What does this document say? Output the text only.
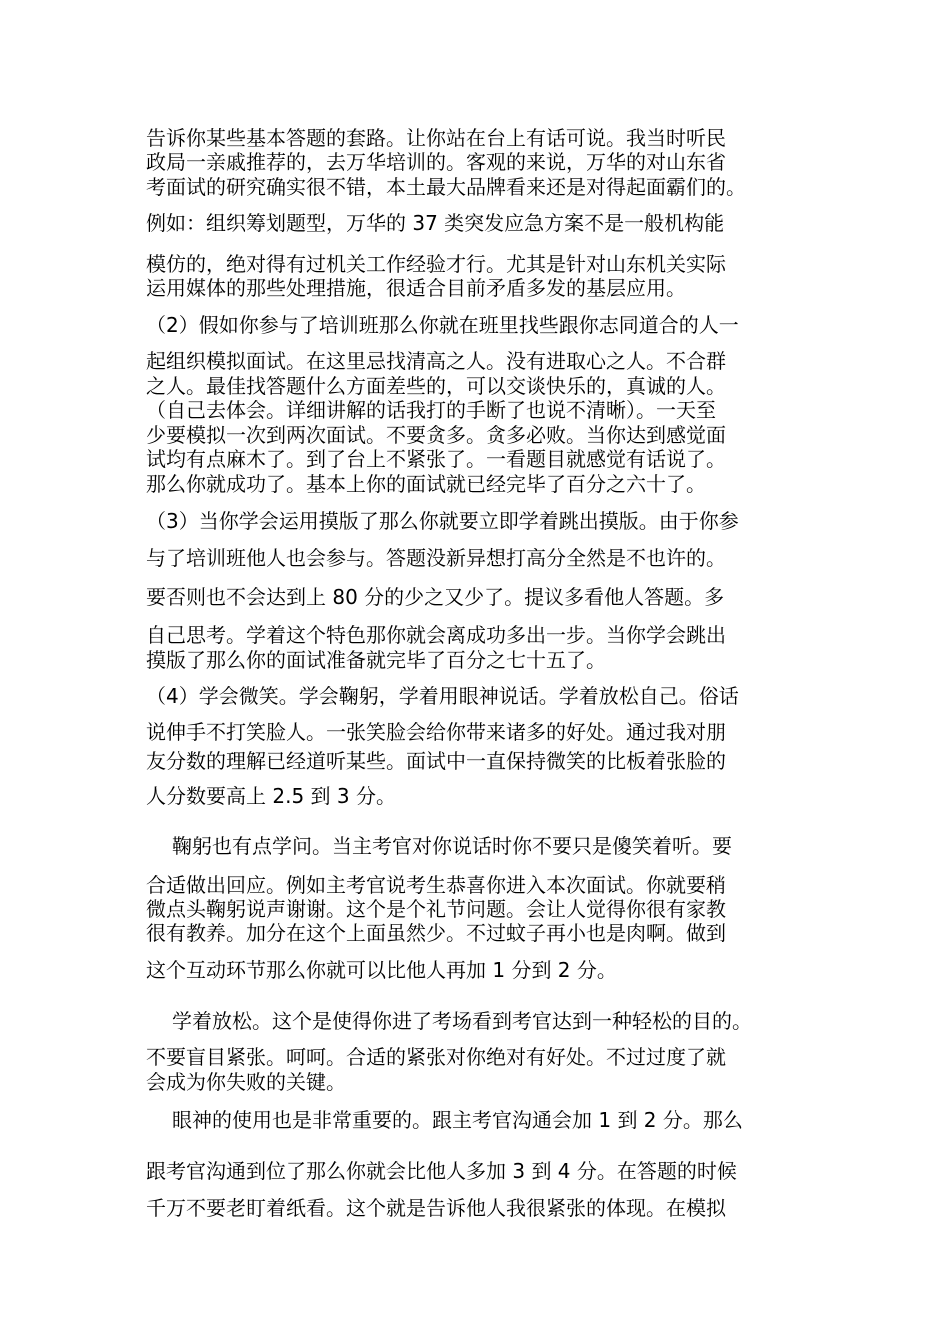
告诉你某些基本答题的套路。让你站在台上有话可说。我当时听民
政局一亲戚推荐的，去万华培训的。客观的来说，万华的对山东省
考面试的研究确实很不错，本土最大品牌看来还是对得起面霸们的。
例如：组织筹划题型，万华的 37 类突发应急方案不是一般机构能
模仿的，绝对得有过机关工作经验才行。尤其是针对山东机关实际
运用媒体的那些处理措施，很适合目前矛盾多发的基层应用。
（2）假如你参与了培训班那么你就在班里找些跟你志同道合的人一
起组织模拟面试。在这里忌找清高之人。没有进取心之人。不合群
之人。最佳找答题什么方面差些的，可以交谈快乐的，真诚的人。
（自己去体会。详细讲解的话我打的手断了也说不清晰）。一天至
少要模拟一次到两次面试。不要贪多。贪多必败。当你达到感觉面
试均有点麻木了。到了台上不紧张了。一看题目就感觉有话说了。
那么你就成功了。基本上你的面试就已经完毕了百分之六十了。
（3）当你学会运用摸版了那么你就要立即学着跳出摸版。由于你参
与了培训班他人也会参与。答题没新异想打高分全然是不也许的。
要否则也不会达到上 80 分的少之又少了。提议多看他人答题。多
自己思考。学着这个特色那你就会离成功多出一步。当你学会跳出
摸版了那么你的面试准备就完毕了百分之七十五了。
（4）学会微笑。学会鞠躬，学着用眼神说话。学着放松自己。俗话
说伸手不打笑脸人。一张笑脸会给你带来诸多的好处。通过我对朋
友分数的理解已经道听某些。面试中一直保持微笑的比板着张脸的
人分数要高上 2.5 到 3 分。
鞠躬也有点学问。当主考官对你说话时你不要只是傻笑着听。要
合适做出回应。例如主考官说考生恭喜你进入本次面试。你就要稍
微点头鞠躬说声谢谢。这个是个礼节问题。会让人觉得你很有家教
很有教养。加分在这个上面虽然少。不过蚊子再小也是肉啊。做到
这个互动环节那么你就可以比他人再加 1 分到 2 分。
学着放松。这个是使得你进了考场看到考官达到一种轻松的目的。
不要盲目紧张。呵呵。合适的紧张对你绝对有好处。不过过度了就
会成为你失败的关键。
眼神的使用也是非常重要的。跟主考官沟通会加 1 到 2 分。那么
跟考官沟通到位了那么你就会比他人多加 3 到 4 分。在答题的时候
千万不要老盯着纸看。这个就是告诉他人我很紧张的体现。在模拟
